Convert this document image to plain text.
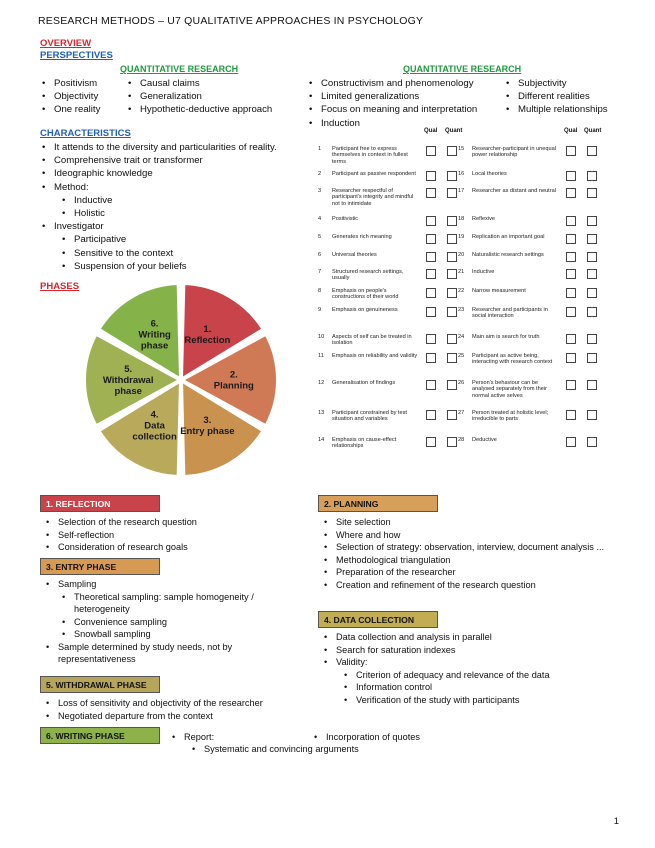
RESEARCH METHODS – U7 QUALITATIVE APPROACHES IN PSYCHOLOGY
OVERVIEW
PERSPECTIVES
QUANTITATIVE RESEARCH
• Positivism
• Objectivity
• One reality
• Causal claims
• Generalization
• Hypothetic-deductive approach
QUANTITATIVE RESEARCH
• Constructivism and phenomenology
• Limited generalizations
• Focus on meaning and interpretation
• Induction
• Subjectivity
• Different realities
• Multiple relationships
CHARACTERISTICS
• It attends to the diversity and particularities of reality.
• Comprehensive trait or transformer
• Ideographic knowledge
• Method:
• Inductive
• Holistic
• Investigator
• Participative
• Sensitive to the context
• Suspension of your beliefs
PHASES
1. Reflection
2. Planning
3. Entry phase
4. Data collection
5. Withdrawal phase
6. Writing phase
Qual Quant	Qual Quant
1	Participant free to express themselves in context in fullest terms
2	Participant as passive respondent
3	Researcher respectful of participant's integrity and mindful not to intimidate
4	Positivistic
5	Generates rich meaning
6	Universal theories
7	Structured research settings, usually
8	Emphasis on people's constructions of their world
9	Emphasis on genuineness
10	Aspects of self can be treated in isolation
11	Emphasis on reliability and validity
12	Generalisation of findings
13	Participant constrained by test situation and variables
14	Emphasis on cause-effect relationships
15	Researcher-participant in unequal power relationship
16	Local theories
17	Researcher as distant and neutral
18	Reflexive
19	Replication an important goal
20	Naturalistic research settings
21	Inductive
22	Narrow measurement
23	Researcher and participants in social interaction
24	Main aim is search for truth
25	Participant as active being, interacting with research context
26	Person's behaviour can be analysed separately from their normal active selves
27	Person treated at holistic level; irreducible to parts
28	Deductive
1. REFLECTION
• Selection of the research question
• Self-reflection
• Consideration of research goals
3. ENTRY PHASE
• Sampling
• Theoretical sampling: sample homogeneity / heterogeneity
• Convenience sampling
• Snowball sampling
• Sample determined by study needs, not by representativeness
5. WITHDRAWAL PHASE
• Loss of sensitivity and objectivity of the researcher
• Negotiated departure from the context
6. WRITING PHASE
•	Report:
• Systematic and convincing arguments
• Incorporation of quotes
2. PLANNING
• Site selection
• Where and how
• Selection of strategy: observation, interview, document analysis ...
• Methodological triangulation
• Preparation of the researcher
• Creation and refinement of the research question
4. DATA COLLECTION
• Data collection and analysis in parallel
• Search for saturation indexes
• Validity:
• Criterion of adequacy and relevance of the data
• Information control
• Verification of the study with participants
1
